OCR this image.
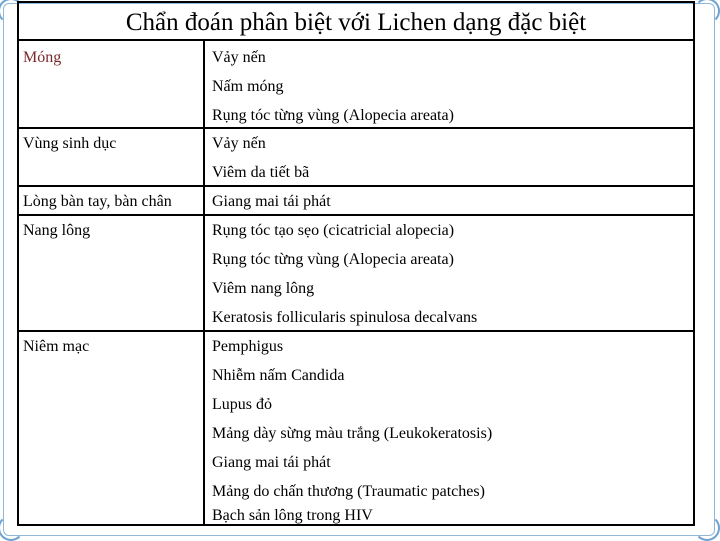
Chẩn đoán phân biệt với Lichen dạng đặc biệt
Móng	Vảy nến
Nấm móng
Rụng tóc từng vùng (Alopecia areata)
Vùng sinh dục	Vảy nến
Viêm da tiết bã
Lòng bàn tay, bàn chân	Giang mai tái phát
Nang lông	Rụng tóc tạo sẹo (cicatricial alopecia)
Rụng tóc từng vùng (Alopecia areata)
Viêm nang lông
Keratosis follicularis spinulosa decalvans
Niêm mạc	Pemphigus
Nhiễm nấm Candida
Lupus đỏ
Mảng dày sừng màu trắng (Leukokeratosis)
Giang mai tái phát
Mảng do chấn thương (Traumatic patches)
Bạch sản lông trong HIV
